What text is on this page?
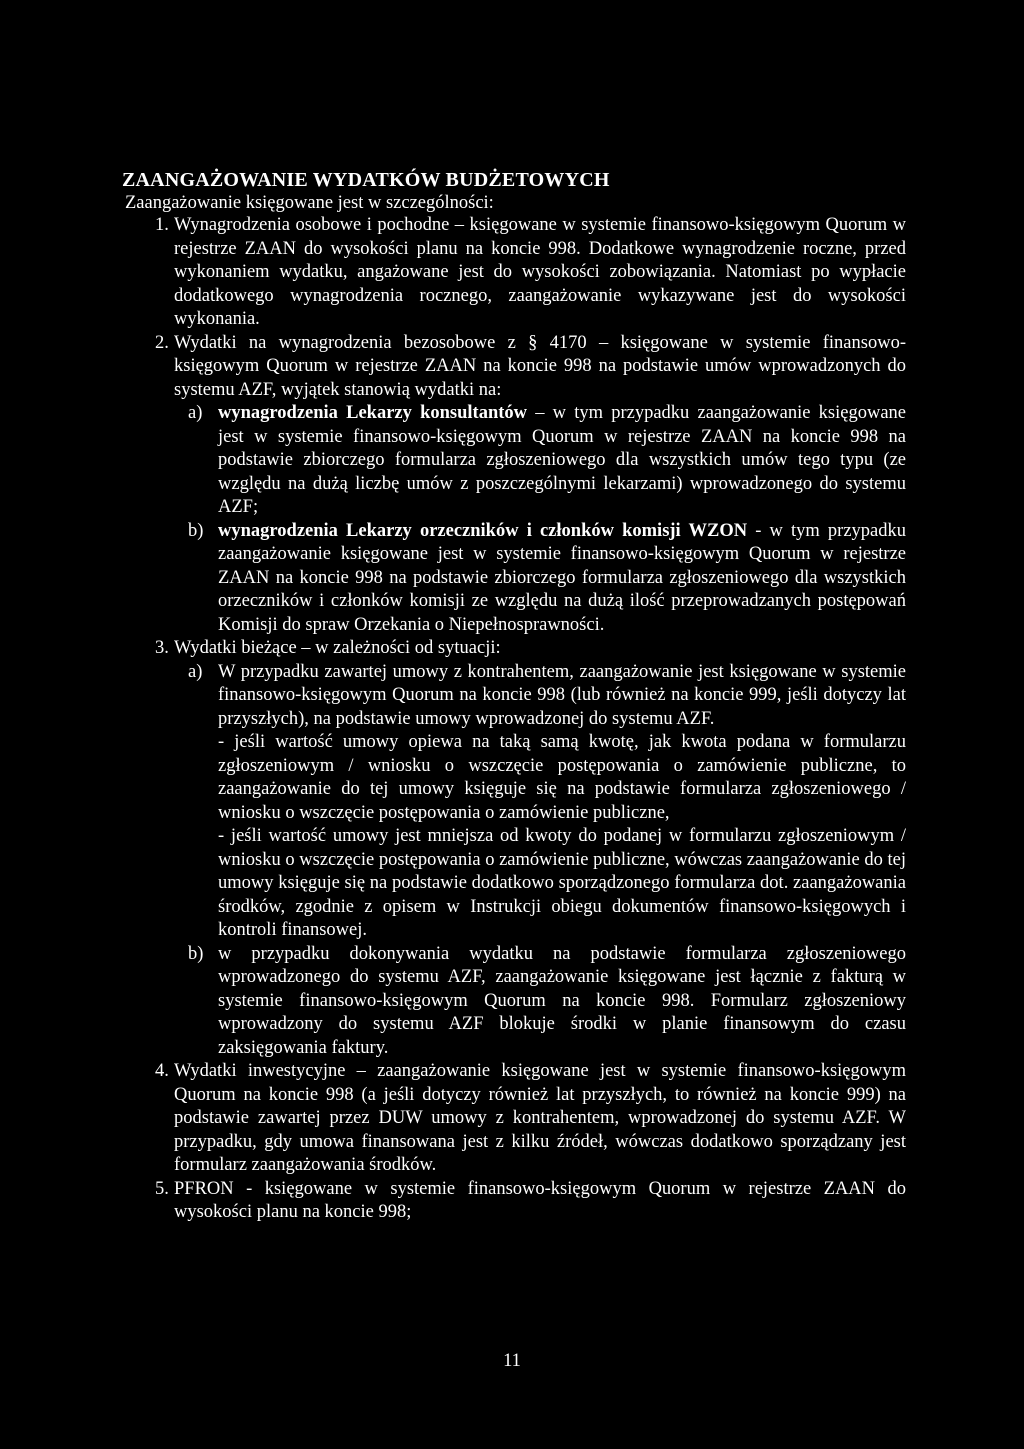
ZAANGAŻOWANIE WYDATKÓW BUDŻETOWYCH

Zaangażowanie księgowane jest w szczególności:

1. Wynagrodzenia osobowe i pochodne – księgowane w systemie finansowo-księgowym Quorum w rejestrze ZAAN do wysokości planu na koncie 998. Dodatkowe wynagrodzenie roczne, przed wykonaniem wydatku, angażowane jest do wysokości zobowiązania. Natomiast po wypłacie dodatkowego wynagrodzenia rocznego, zaangażowanie wykazywane jest do wysokości wykonania.
2. Wydatki na wynagrodzenia bezosobowe z § 4170 – księgowane w systemie finansowo-księgowym Quorum w rejestrze ZAAN na koncie 998 na podstawie umów wprowadzonych do systemu AZF, wyjątek stanowią wydatki na:
a) wynagrodzenia Lekarzy konsultantów – w tym przypadku zaangażowanie księgowane jest w systemie finansowo-księgowym Quorum w rejestrze ZAAN na koncie 998 na podstawie zbiorczego formularza zgłoszeniowego dla wszystkich umów tego typu (ze względu na dużą liczbę umów z poszczególnymi lekarzami) wprowadzonego do systemu AZF;
b) wynagrodzenia Lekarzy orzeczników i członków komisji WZON - w tym przypadku zaangażowanie księgowane jest w systemie finansowo-księgowym Quorum w rejestrze ZAAN na koncie 998 na podstawie zbiorczego formularza zgłoszeniowego dla wszystkich orzeczników i członków komisji ze względu na dużą ilość przeprowadzanych postępowań Komisji do spraw Orzekania o Niepełnosprawności.
3. Wydatki bieżące – w zależności od sytuacji:
a) W przypadku zawartej umowy z kontrahentem, zaangażowanie jest księgowane w systemie finansowo-księgowym Quorum na koncie 998 (lub również na koncie 999, jeśli dotyczy lat przyszłych), na podstawie umowy wprowadzonej do systemu AZF.

- jeśli wartość umowy opiewa na taką samą kwotę, jak kwota podana w formularzu zgłoszeniowym / wniosku o wszczęcie postępowania o zamówienie publiczne, to zaangażowanie do tej umowy księguje się na podstawie formularza zgłoszeniowego / wniosku o wszczęcie postępowania o zamówienie publiczne,

- jeśli wartość umowy jest mniejsza od kwoty do podanej w formularzu zgłoszeniowym / wniosku o wszczęcie postępowania o zamówienie publiczne, wówczas zaangażowanie do tej umowy księguje się na podstawie dodatkowo sporządzonego formularza dot. zaangażowania środków, zgodnie z opisem w Instrukcji obiegu dokumentów finansowo-księgowych i kontroli finansowej.

b) w przypadku dokonywania wydatku na podstawie formularza zgłoszeniowego wprowadzonego do systemu AZF, zaangażowanie księgowane jest łącznie z fakturą w systemie finansowo-księgowym Quorum na koncie 998. Formularz zgłoszeniowy wprowadzony do systemu AZF blokuje środki w planie finansowym do czasu zaksięgowania faktury.
4. Wydatki inwestycyjne – zaangażowanie księgowane jest w systemie finansowo-księgowym Quorum na koncie 998 (a jeśli dotyczy również lat przyszłych, to również na koncie 999) na podstawie zawartej przez DUW umowy z kontrahentem, wprowadzonej do systemu AZF. W przypadku, gdy umowa finansowana jest z kilku źródeł, wówczas dodatkowo sporządzany jest formularz zaangażowania środków.
5. PFRON - księgowane w systemie finansowo-księgowym Quorum w rejestrze ZAAN do wysokości planu na koncie 998;
11
